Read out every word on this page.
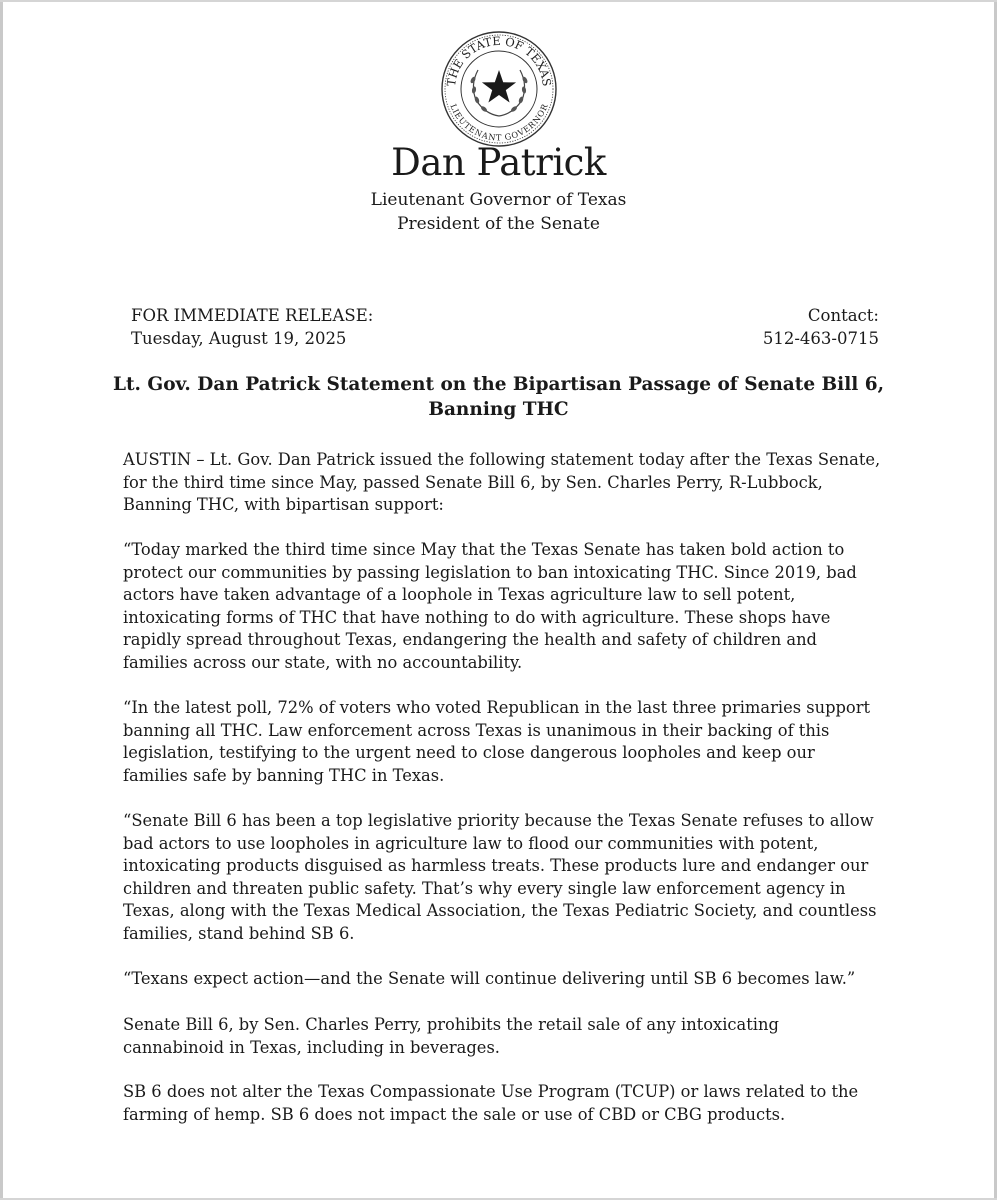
THE STATE OF TEXAS
LIEUTENANT GOVERNOR
Dan Patrick
Lieutenant Governor of Texas
President of the Senate
FOR IMMEDIATE RELEASE:
Tuesday, August 19, 2025
Contact:
512-463-0715
Lt. Gov. Dan Patrick Statement on the Bipartisan Passage of Senate Bill 6,
Banning THC

AUSTIN – Lt. Gov. Dan Patrick issued the following statement today after the Texas Senate, for the third time since May, passed Senate Bill 6, by Sen. Charles Perry, R-Lubbock, Banning THC, with bipartisan support:

“Today marked the third time since May that the Texas Senate has taken bold action to protect our communities by passing legislation to ban intoxicating THC. Since 2019, bad actors have taken advantage of a loophole in Texas agriculture law to sell potent, intoxicating forms of THC that have nothing to do with agriculture. These shops have rapidly spread throughout Texas, endangering the health and safety of children and families across our state, with no accountability.

“In the latest poll, 72% of voters who voted Republican in the last three primaries support banning all THC. Law enforcement across Texas is unanimous in their backing of this legislation, testifying to the urgent need to close dangerous loopholes and keep our families safe by banning THC in Texas.

“Senate Bill 6 has been a top legislative priority because the Texas Senate refuses to allow bad actors to use loopholes in agriculture law to flood our communities with potent, intoxicating products disguised as harmless treats. These products lure and endanger our children and threaten public safety. That’s why every single law enforcement agency in Texas, along with the Texas Medical Association, the Texas Pediatric Society, and countless families, stand behind SB 6.

“Texans expect action—and the Senate will continue delivering until SB 6 becomes law.”

Senate Bill 6, by Sen. Charles Perry, prohibits the retail sale of any intoxicating cannabinoid in Texas, including in beverages.

SB 6 does not alter the Texas Compassionate Use Program (TCUP) or laws related to the farming of hemp. SB 6 does not impact the sale or use of CBD or CBG products.
